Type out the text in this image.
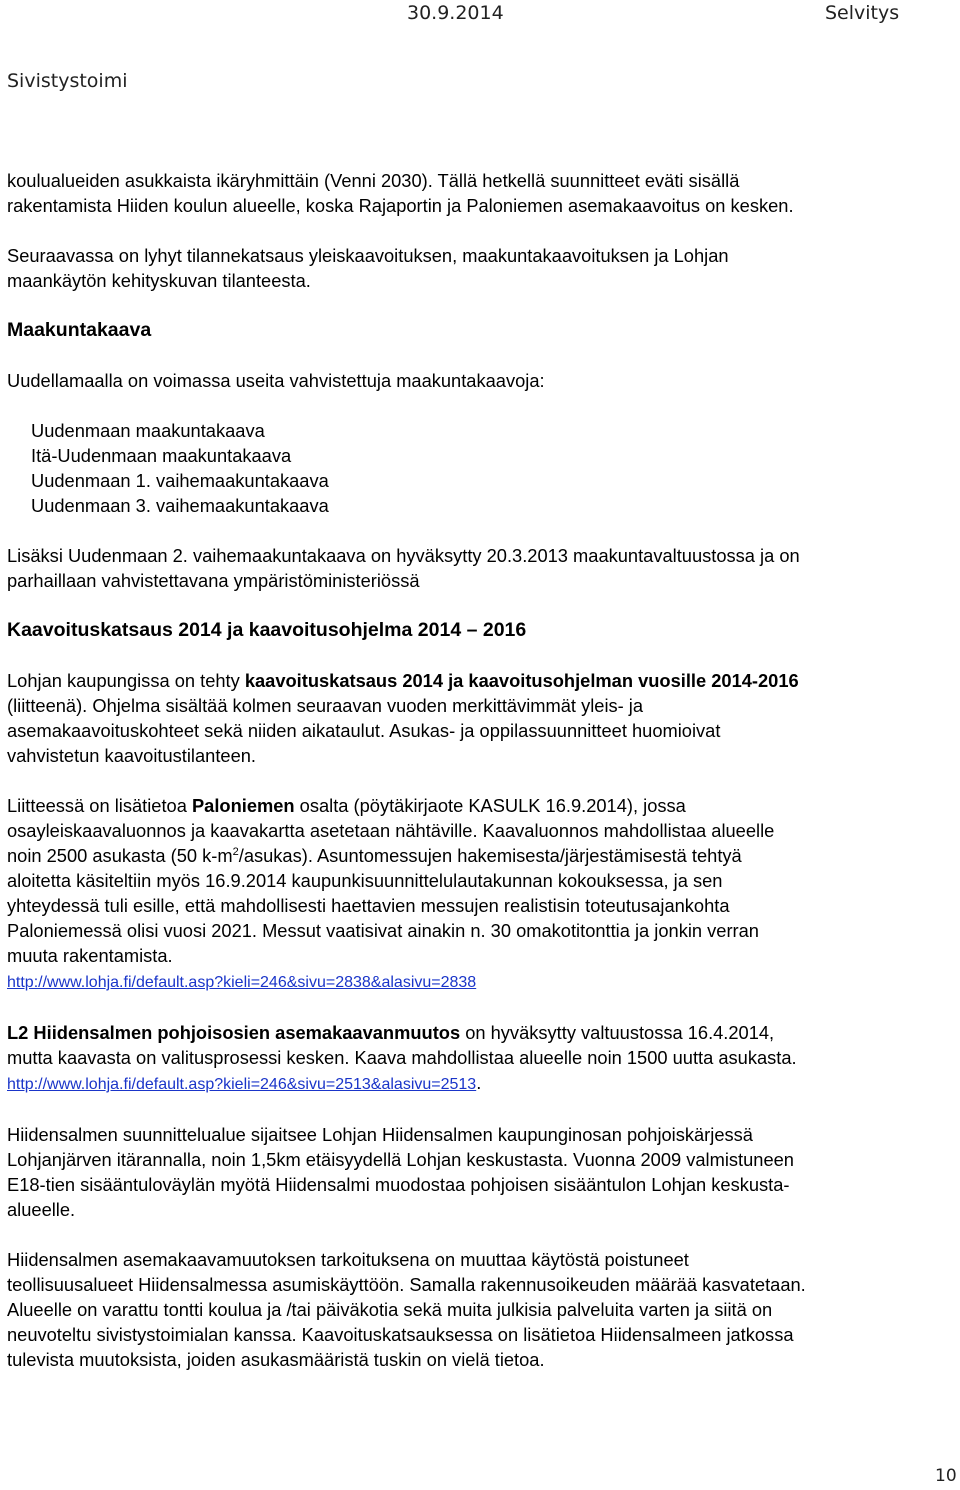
30.9.2014	Selvitys
Sivistystoimi

koulualueiden asukkaista ikäryhmittäin (Venni 2030). Tällä hetkellä suunnitteet eväti sisällä

rakentamista Hiiden koulun alueelle, koska Rajaportin ja Paloniemen asemakaavoitus on kesken.

Seuraavassa on lyhyt tilannekatsaus yleiskaavoituksen, maakuntakaavoituksen ja Lohjan

maankäytön kehityskuvan tilanteesta.

Maakuntakaava

Uudellamaalla on voimassa useita vahvistettuja maakuntakaavoja:

Uudenmaan maakuntakaava
Itä-Uudenmaan maakuntakaava
Uudenmaan 1. vaihemaakuntakaava
Uudenmaan 3. vaihemaakuntakaava

Lisäksi Uudenmaan 2. vaihemaakuntakaava on hyväksytty 20.3.2013 maakuntavaltuustossa ja on

parhaillaan vahvistettavana ympäristöministeriössä

Kaavoituskatsaus 2014 ja kaavoitusohjelma 2014 – 2016

Lohjan kaupungissa on tehty kaavoituskatsaus 2014 ja kaavoitusohjelman vuosille 2014-2016

(liitteenä). Ohjelma sisältää kolmen seuraavan vuoden merkittävimmät yleis- ja

asemakaavoituskohteet sekä niiden aikataulut. Asukas- ja oppilassuunnitteet huomioivat

vahvistetun kaavoitustilanteen.

Liitteessä on lisätietoa Paloniemen osalta (pöytäkirjaote KASULK 16.9.2014), jossa

osayleiskaavaluonnos ja kaavakartta asetetaan nähtäville. Kaavaluonnos mahdollistaa alueelle

noin 2500 asukasta (50 $k-m^2/asukas$). Asuntomessujen hakemisesta/järjestämisestä tehtyä

aloitetta käsiteltiin myös 16.9.2014 kaupunkisuunnittelulautakunnan kokouksessa, ja sen

yhteydessä tuli esille, että mahdollisesti haettavien messujen realistisin toteutusajankohta

Paloniemessä olisi vuosi 2021. Messut vaatisivat ainakin n. 30 omakotitonttia ja jonkin verran

muuta rakentamista.

http://www.lohja.fi/default.asp?kieli=246&sivu=2838&alasivu=2838

L2 Hiidensalmen pohjoisosien asemakaavanmuutos on hyväksytty valtuustossa 16.4.2014,

mutta kaavasta on valitusprosessi kesken. Kaava mahdollistaa alueelle noin 1500 uutta asukasta.

http://www.lohja.fi/default.asp?kieli=246&sivu=2513&alasivu=2513.

Hiidensalmen suunnittelualue sijaitsee Lohjan Hiidensalmen kaupunginosan pohjoiskärjessä

Lohjanjärven itärannalla, noin 1,5km etäisyydellä Lohjan keskustasta. Vuonna 2009 valmistuneen

E18-tien sisääntuloväylän myötä Hiidensalmi muodostaa pohjoisen sisääntulon Lohjan keskusta-

alueelle.

Hiidensalmen asemakaavamuutoksen tarkoituksena on muuttaa käytöstä poistuneet

teollisuusalueet Hiidensalmessa asumiskäyttöön. Samalla rakennusoikeuden määrää kasvatetaan.

Alueelle on varattu tontti koulua ja /tai päiväkotia sekä muita julkisia palveluita varten ja siitä on

neuvoteltu sivistystoimialan kanssa. Kaavoituskatsauksessa on lisätietoa Hiidensalmeen jatkossa

tulevista muutoksista, joiden asukasmääristä tuskin on vielä tietoa.

10
